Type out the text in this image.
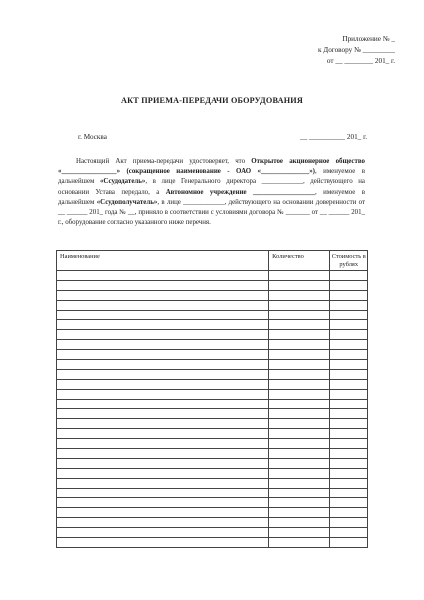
Приложение № _
к Договору № _________
от __ ________ 201_ г.
АКТ ПРИЕМА-ПЕРЕДАЧИ ОБОРУДОВАНИЯ
г. Москва	__ __________ 201_ г.

Настоящий Акт приема-передачи удостоверяет, что Открытое акционерное общество «________________» (сокращенное наименование - ОАО «______________»), именуемое в дальнейшем «Ссудодатель», в лице Генерального директора ____________, действующего на основании Устава передало, а Автономное учреждение __________________, именуемое в дальнейшем «Ссудополучатель», в лице ____________, действующего на основании доверенности от __ ______ 201_ года № __, приняло в соответствии с условиями договора № _______ от __ ______ 201_ г., оборудование согласно указанного ниже перечня.

Наименование	Количество	Стоимость в рублях
